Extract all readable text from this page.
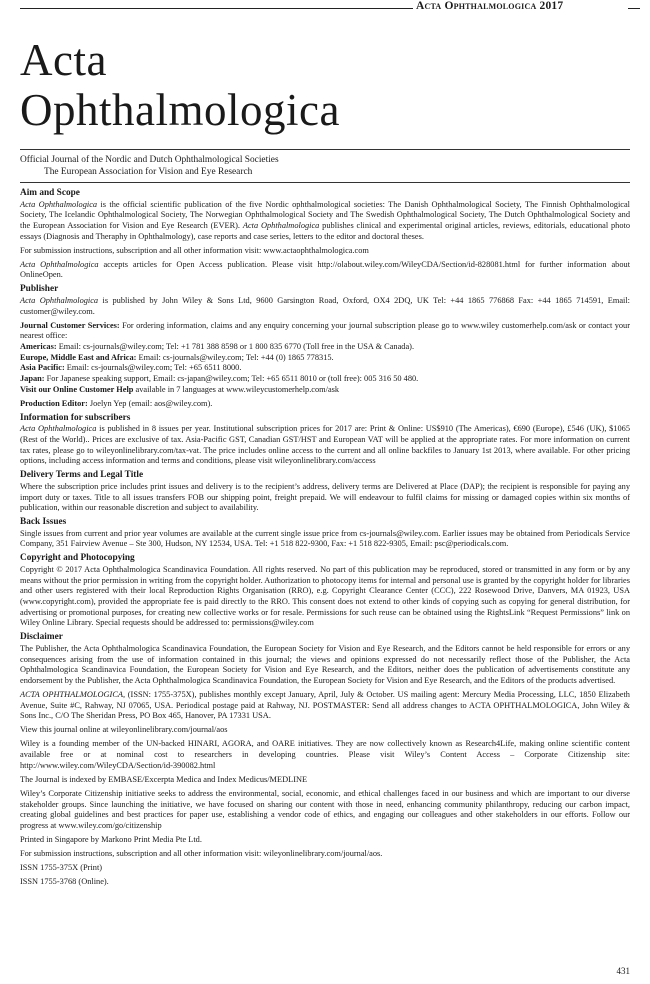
Acta Ophthalmologica 2017
Acta
Ophthalmologica
Official Journal of the Nordic and Dutch Ophthalmological Societies
The European Association for Vision and Eye Research
Aim and Scope

Acta Ophthalmologica is the official scientific publication of the five Nordic ophthalmological societies: The Danish Ophthalmological Society, The Finnish Ophthalmological Society, The Icelandic Ophthalmological Society, The Norwegian Ophthalmological Society and The Swedish Ophthalmological Society, The Dutch Ophthalmological Society and the European Association for Vision and Eye Research (EVER). Acta Ophthalmologica publishes clinical and experimental original articles, reviews, editorials, educational photo essays (Diagnosis and Theraphy in Ophthalmology), case reports and case series, letters to the editor and doctoral theses.

For submission instructions, subscription and all other information visit: www.actaophthalmologica.com

Acta Ophthalmologica accepts articles for Open Access publication. Please visit http://olabout.wiley.com/WileyCDA/Section/id-828081.html for further information about OnlineOpen.

Publisher

Acta Ophthalmologica is published by John Wiley & Sons Ltd, 9600 Garsington Road, Oxford, OX4 2DQ, UK Tel: +44 1865 776868 Fax: +44 1865 714591, Email: customer@wiley.com.

Journal Customer Services: For ordering information, claims and any enquiry concerning your journal subscription please go to www.wiley customerhelp.com/ask or contact your nearest office:

Americas: Email: cs-journals@wiley.com; Tel: +1 781 388 8598 or 1 800 835 6770 (Toll free in the USA & Canada).

Europe, Middle East and Africa: Email: cs-journals@wiley.com; Tel: +44 (0) 1865 778315.

Asia Pacific: Email: cs-journals@wiley.com; Tel: +65 6511 8000.

Japan: For Japanese speaking support, Email: cs-japan@wiley.com; Tel: +65 6511 8010 or (toll free): 005 316 50 480.

Visit our Online Customer Help available in 7 languages at www.wileycustomerhelp.com/ask

Production Editor: Joelyn Yep (email: aos@wiley.com).

Information for subscribers

Acta Ophthalmologica is published in 8 issues per year. Institutional subscription prices for 2017 are: Print & Online: US$910 (The Americas), €690 (Europe), £546 (UK), $1065 (Rest of the World).. Prices are exclusive of tax. Asia-Pacific GST, Canadian GST/HST and European VAT will be applied at the appropriate rates. For more information on current tax rates, please go to wileyonlinelibrary.com/tax-vat. The price includes online access to the current and all online backfiles to January 1st 2013, where available. For other pricing options, including access information and terms and conditions, please visit wileyonlinelibrary.com/access

Delivery Terms and Legal Title

Where the subscription price includes print issues and delivery is to the recipient’s address, delivery terms are Delivered at Place (DAP); the recipient is responsible for paying any import duty or taxes. Title to all issues transfers FOB our shipping point, freight prepaid. We will endeavour to fulfil claims for missing or damaged copies within six months of publication, within our reasonable discretion and subject to availability.

Back Issues

Single issues from current and prior year volumes are available at the current single issue price from cs-journals@wiley.com. Earlier issues may be obtained from Periodicals Service Company, 351 Fairview Avenue – Ste 300, Hudson, NY 12534, USA. Tel: +1 518 822-9300, Fax: +1 518 822-9305, Email: psc@periodicals.com.

Copyright and Photocopying

Copyright © 2017 Acta Ophthalmologica Scandinavica Foundation. All rights reserved. No part of this publication may be reproduced, stored or transmitted in any form or by any means without the prior permission in writing from the copyright holder. Authorization to photocopy items for internal and personal use is granted by the copyright holder for libraries and other users registered with their local Reproduction Rights Organisation (RRO), e.g. Copyright Clearance Center (CCC), 222 Rosewood Drive, Danvers, MA 01923, USA (www.copyright.com), provided the appropriate fee is paid directly to the RRO. This consent does not extend to other kinds of copying such as copying for general distribution, for advertising or promotional purposes, for creating new collective works or for resale. Permissions for such reuse can be obtained using the RightsLink “Request Permissions” link on Wiley Online Library. Special requests should be addressed to: permissions@wiley.com

Disclaimer

The Publisher, the Acta Ophthalmologica Scandinavica Foundation, the European Society for Vision and Eye Research, and the Editors cannot be held responsible for errors or any consequences arising from the use of information contained in this journal; the views and opinions expressed do not necessarily reflect those of the Publisher, the Acta Ophthalmologica Scandinavica Foundation, the European Society for Vision and Eye Research, and the Editors, neither does the publication of advertisements constitute any endorsement by the Publisher, the Acta Ophthalmologica Scandinavica Foundation, the European Society for Vision and Eye Research, and the Editors of the products advertised.

ACTA OPHTHALMOLOGICA, (ISSN: 1755-375X), publishes monthly except January, April, July & October. US mailing agent: Mercury Media Processing, LLC, 1850 Elizabeth Avenue, Suite #C, Rahway, NJ 07065, USA. Periodical postage paid at Rahway, NJ. POSTMASTER: Send all address changes to ACTA OPHTHALMOLOGICA, John Wiley & Sons Inc., C/O The Sheridan Press, PO Box 465, Hanover, PA 17331 USA.

View this journal online at wileyonlinelibrary.com/journal/aos

Wiley is a founding member of the UN-backed HINARI, AGORA, and OARE initiatives. They are now collectively known as Research4Life, making online scientific content available free or at nominal cost to researchers in developing countries. Please visit Wiley’s Content Access – Corporate Citizenship site: http://www.wiley.com/WileyCDA/Section/id-390082.html

The Journal is indexed by EMBASE/Excerpta Medica and Index Medicus/MEDLINE

Wiley’s Corporate Citizenship initiative seeks to address the environmental, social, economic, and ethical challenges faced in our business and which are important to our diverse stakeholder groups. Since launching the initiative, we have focused on sharing our content with those in need, enhancing community philanthropy, reducing our carbon impact, creating global guidelines and best practices for paper use, establishing a vendor code of ethics, and engaging our colleagues and other stakeholders in our efforts. Follow our progress at www.wiley.com/go/citizenship

Printed in Singapore by Markono Print Media Pte Ltd.

For submission instructions, subscription and all other information visit: wileyonlinelibrary.com/journal/aos.

ISSN 1755-375X (Print)

ISSN 1755-3768 (Online).

431
